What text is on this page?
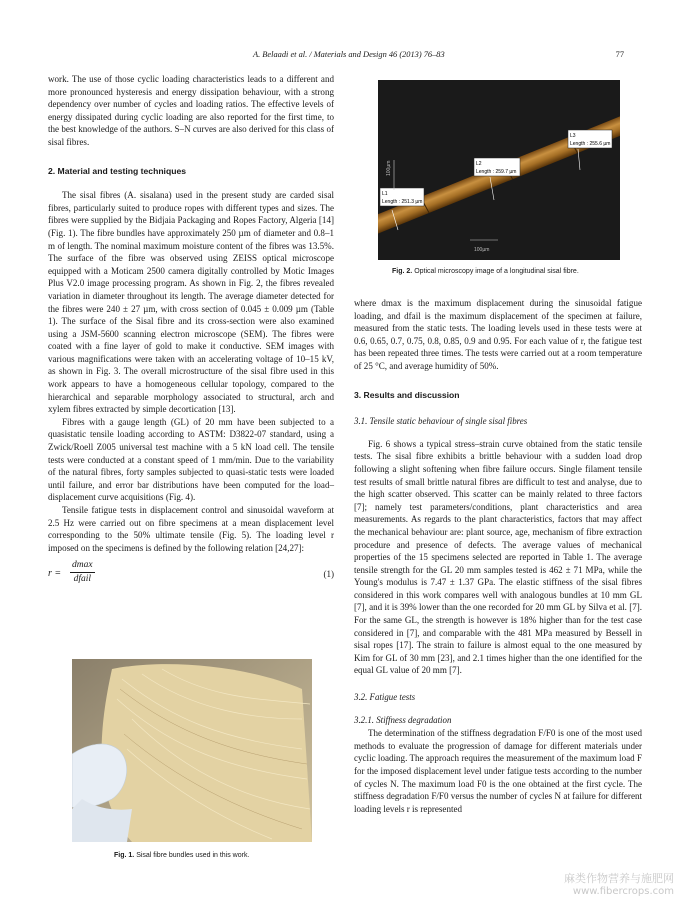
A. Belaadi et al. / Materials and Design 46 (2013) 76–83	77
L1
Length : 251.3 µm
L2
Length : 259.7 µm
L3
Length : 255.6 µm
100µm
100µm
Fig. 2. Optical microscopy image of a longitudinal sisal fibre.

work. The use of those cyclic loading characteristics leads to a different and more pronounced hysteresis and energy dissipation behaviour, with a strong dependency over number of cycles and loading ratios. The effective levels of energy dissipated during cyclic loading are also reported for the first time, to the best knowledge of the authors. S–N curves are also derived for this class of sisal fibres.

2. Material and testing techniques

The sisal fibres (A. sisalana) used in the present study are carded sisal fibres, particularly suited to produce ropes with different types and sizes. The fibres were supplied by the Bidjaia Packaging and Ropes Factory, Algeria [14] (Fig. 1). The fibre bundles have approximately 250 µm of diameter and 0.8–1 m of length. The nominal maximum moisture content of the fibres was 13.5%. The surface of the fibre was observed using ZEISS optical microscope equipped with a Moticam 2500 camera digitally controlled by Motic Images Plus V2.0 image processing program. As shown in Fig. 2, the fibres revealed variation in diameter throughout its length. The average diameter detected for the fibres were 240 ± 27 µm, with cross section of 0.045 ± 0.009 µm (Table 1). The surface of the Sisal fibre and its cross-section were also examined using a JSM-5600 scanning electron microscope (SEM). The fibres were coated with a fine layer of gold to make it conductive. SEM images with various magnifications were taken with an accelerating voltage of 10–15 kV, as shown in Fig. 3. The overall microstructure of the sisal fibre used in this work appears to have a homogeneous cellular topology, compared to the hierarchical and separable morphology associated to structural, arch and xylem fibres extracted by simple decortication [13].

Fibres with a gauge length (GL) of 20 mm have been subjected to a quasistatic tensile loading according to ASTM: D3822-07 standard, using a Zwick/Roell Z005 universal test machine with a 5 kN load cell. The tensile tests were conducted at a constant speed of 1 mm/min. Due to the variability of the natural fibres, forty samples subjected to quasi-static tests were loaded until failure, and error bar distributions have been computed for the load–displacement curve acquisitions (Fig. 4).

Tensile fatigue tests in displacement control and sinusoidal waveform at 2.5 Hz were carried out on fibre specimens at a mean displacement level corresponding to the 50% ultimate tensile (Fig. 5). The loading level r imposed on the specimens is defined by the following relation [24,27]:

r =
dmax
dfail	(1)
Fig. 1. Sisal fibre bundles used in this work.

where dmax is the maximum displacement during the sinusoidal fatigue loading, and dfail is the maximum displacement of the specimen at failure, measured from the static tests. The loading levels used in these tests were at 0.6, 0.65, 0.7, 0.75, 0.8, 0.85, 0.9 and 0.95. For each value of r, the fatigue test has been repeated three times. The tests were carried out at a room temperature of 25 °C, and average humidity of 50%.

3. Results and discussion
3.1. Tensile static behaviour of single sisal fibres

Fig. 6 shows a typical stress–strain curve obtained from the static tensile tests. The sisal fibre exhibits a brittle behaviour with a sudden load drop following a slight softening when fibre failure occurs. Single filament tensile test results of small brittle natural fibres are difficult to test and analyse, due to the high scatter observed. This scatter can be mainly related to three factors [7]; namely test parameters/conditions, plant characteristics and area measurements. As regards to the plant characteristics, factors that may affect the mechanical behaviour are: plant source, age, mechanism of fibre extraction procedure and presence of defects. The average values of mechanical properties of the 15 specimens selected are reported in Table 1. The average tensile strength for the GL 20 mm samples tested is 462 ± 71 MPa, while the Young's modulus is 7.47 ± 1.37 GPa. The elastic stiffness of the sisal fibres considered in this work compares well with analogous bundles at 10 mm GL [7], and it is 39% lower than the one recorded for 20 mm GL by Silva et al. [7]. For the same GL, the strength is however is 18% higher than for the test case considered in [7], and comparable with the 481 MPa measured by Bessell in sisal ropes [17]. The strain to failure is almost equal to the one measured by Kim for GL of 30 mm [23], and 2.1 times higher than the one identified for the equal GL value of 20 mm [7].

3.2. Fatigue tests
3.2.1. Stiffness degradation

The determination of the stiffness degradation F/F0 is one of the most used methods to evaluate the progression of damage for different materials under cyclic loading. The approach requires the measurement of the maximum load F for the imposed displacement level under fatigue tests according to the number of cycles N. The maximum load F0 is the one obtained at the first cycle. The stiffness degradation F/F0 versus the number of cycles N at failure for different loading levels r is represented

麻类作物营养与施肥网
www.fibercrops.com
